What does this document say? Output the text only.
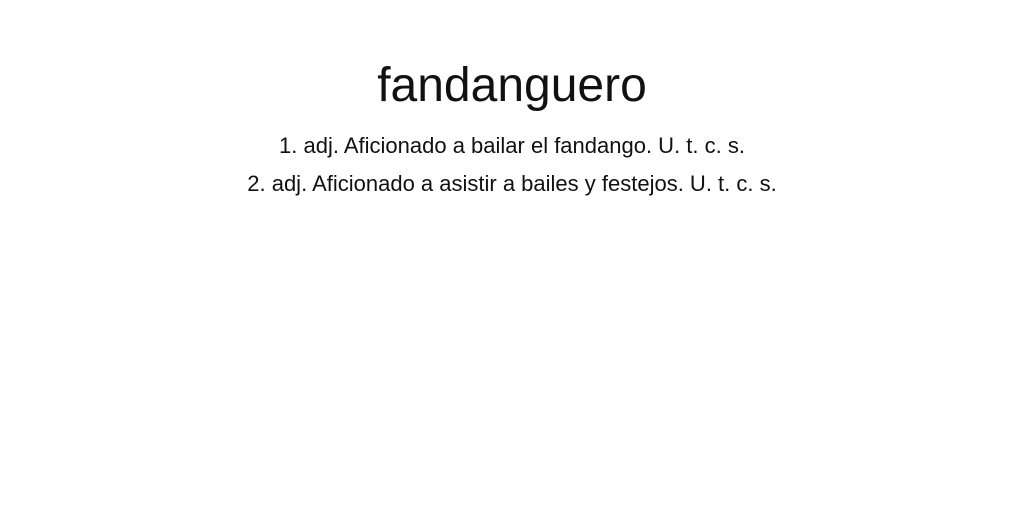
fandanguero
1. adj. Aficionado a bailar el fandango. U. t. c. s.
2. adj. Aficionado a asistir a bailes y festejos. U. t. c. s.
